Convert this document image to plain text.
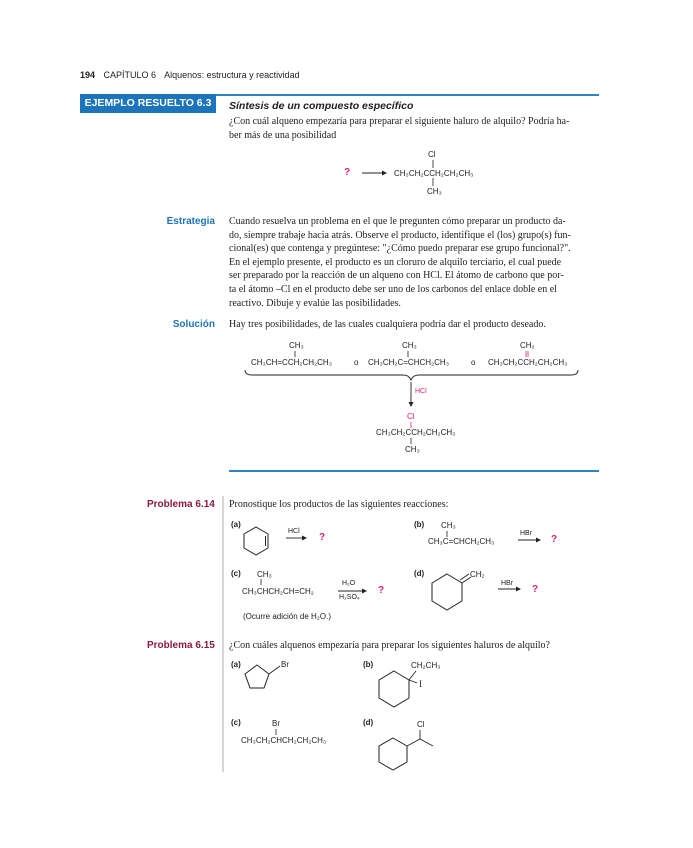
194 CAPÍTULO 6 Alquenos: estructura y reactividad
EJEMPLO RESUELTO 6.3	Síntesis de un compuesto específico
¿Con cuál alqueno empezaría para preparar el siguiente haluro de alquilo? Podría ha-
ber más de una posibilidad
?
Cl
CH₃CH₂CCH₂CH₂CH₃
CH₃
Estrategia Cuando resuelva un problema en el que le pregunten cómo preparar un producto da-
do, siempre trabaje hacia atrás. Observe el producto, identifique el (los) grupo(s) fun-
cional(es) que contenga y pregúntese: "¿Cómo puedo preparar ese grupo funcional?".
En el ejemplo presente, el producto es un cloruro de alquilo terciario, el cual puede
ser preparado por la reacción de un alqueno con HCl. El átomo de carbono que por-
ta el átomo –Cl en el producto debe ser uno de los carbonos del enlace doble en el
reactivo. Dibuje y evalúe las posibilidades.
Solución Hay tres posibilidades, de las cuales cualquiera podría dar el producto deseado.
CH₃
CH₃CH=CCH₂CH₂CH₃	o
CH₃
CH₃CH₂C=CHCH₂CH₃	o
CH₂
CH₃CH₂CCH₂CH₂CH₃
HCl
Cl
CH₃CH₂CCH₂CH₂CH₃
CH₃
Problema 6.14 Pronostique los productos de las siguientes reacciones:
(a)
HCl
?
(b) CH₃
CH₃C=CHCH₂CH₃
HBr
?
(c) CH₃
CH₃CHCH₂CH=CH₂
H₂O
H₂SO₄
?
(Ocurre adición de H₂O.)
(d)	CH₂
HBr
?
Problema 6.15 ¿Con cuáles alquenos empezaría para preparar los siguientes haluros de alquilo?
(a)	Br	(b)	CH₂CH₃
I
(c)	Br
CH₃CH₂CHCH₂CH₂CH₃
(d)	Cl
